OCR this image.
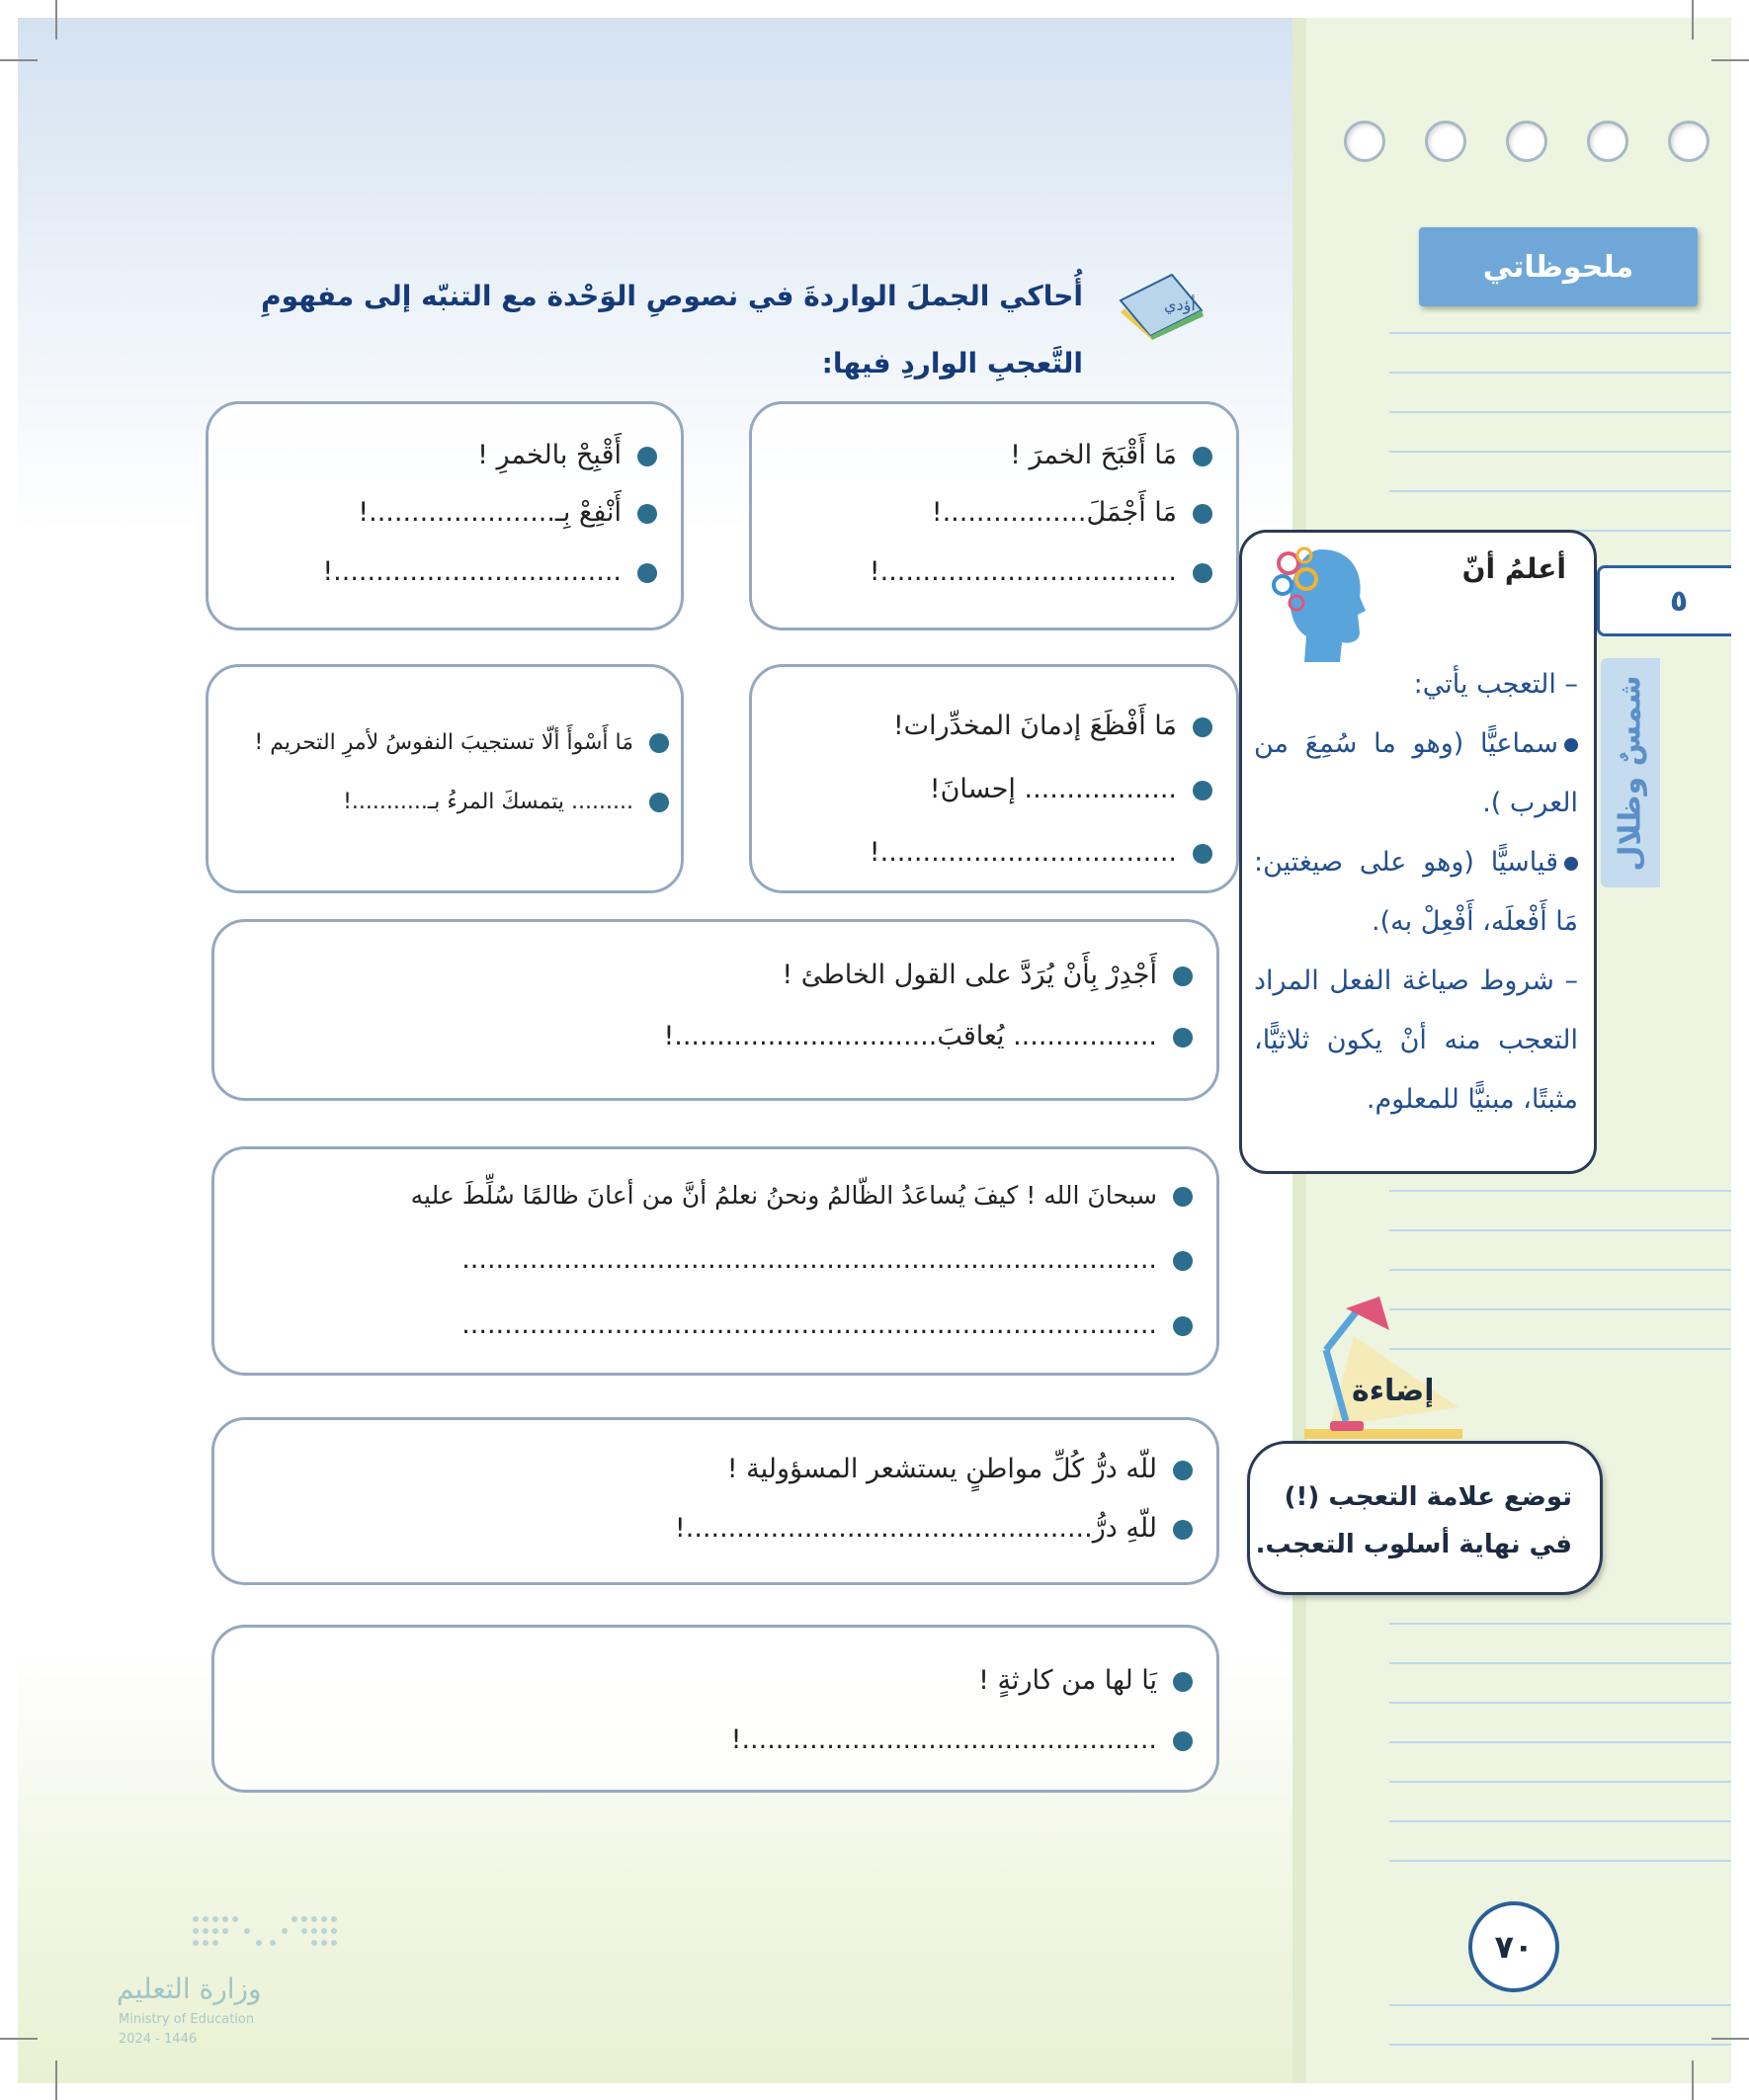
ملحوظاتي
٥
شمسٌ وظلال
أؤدي
أُحاكي الجملَ الواردةَ في نصوصِ الوَحْدة مع التنبّه إلى مفهومِ التَّعجبِ الواردِ فيها:
مَا أَقْبَحَ الخمرَ !
مَا أَجْمَلَ.................!
...................................!
أَقْبِحْ بالخمرِ !
أَنْفِعْ بِـ......................!
..................................!
مَا أَفْظَعَ إدمانَ المخدِّرات!
.................. إحسانَ!
...................................!
مَا أَسْوأَ ألّا تستجيبَ النفوسُ لأمرِ التحريم !
......... يتمسكَ المرءُ بـ...........!
أَجْدِرْ بِأَنْ يُرَدَّ على القول الخاطئ !
................. يُعاقبَ...............................!
سبحانَ الله ! كيفَ يُساعَدُ الظّالمُ ونحنُ نعلمُ أنَّ من أعانَ ظالمًا سُلِّطَ عليه
..................................................................................
..................................................................................
للّه درُّ كُلِّ مواطنٍ يستشعر المسؤولية !
للّهِ درُّ................................................!
يَا لها من كارثةٍ !
.................................................!
أعلمُ أنّ
– التعجب يأتي:
سماعيًّا (وهو ما سُمِعَ من العرب ).
قياسيًّا (وهو على صيغتين: مَا أَفْعلَه، أَفْعِلْ به).
– شروط صياغة الفعل المراد التعجب منه أنْ يكون ثلاثيًّا، مثبتًا، مبنيًّا للمعلوم.
إضاءة
توضع علامة التعجب (!)
في نهاية أسلوب التعجب.
٧٠
وزارة التعليم
Ministry of Education
2024 - 1446
